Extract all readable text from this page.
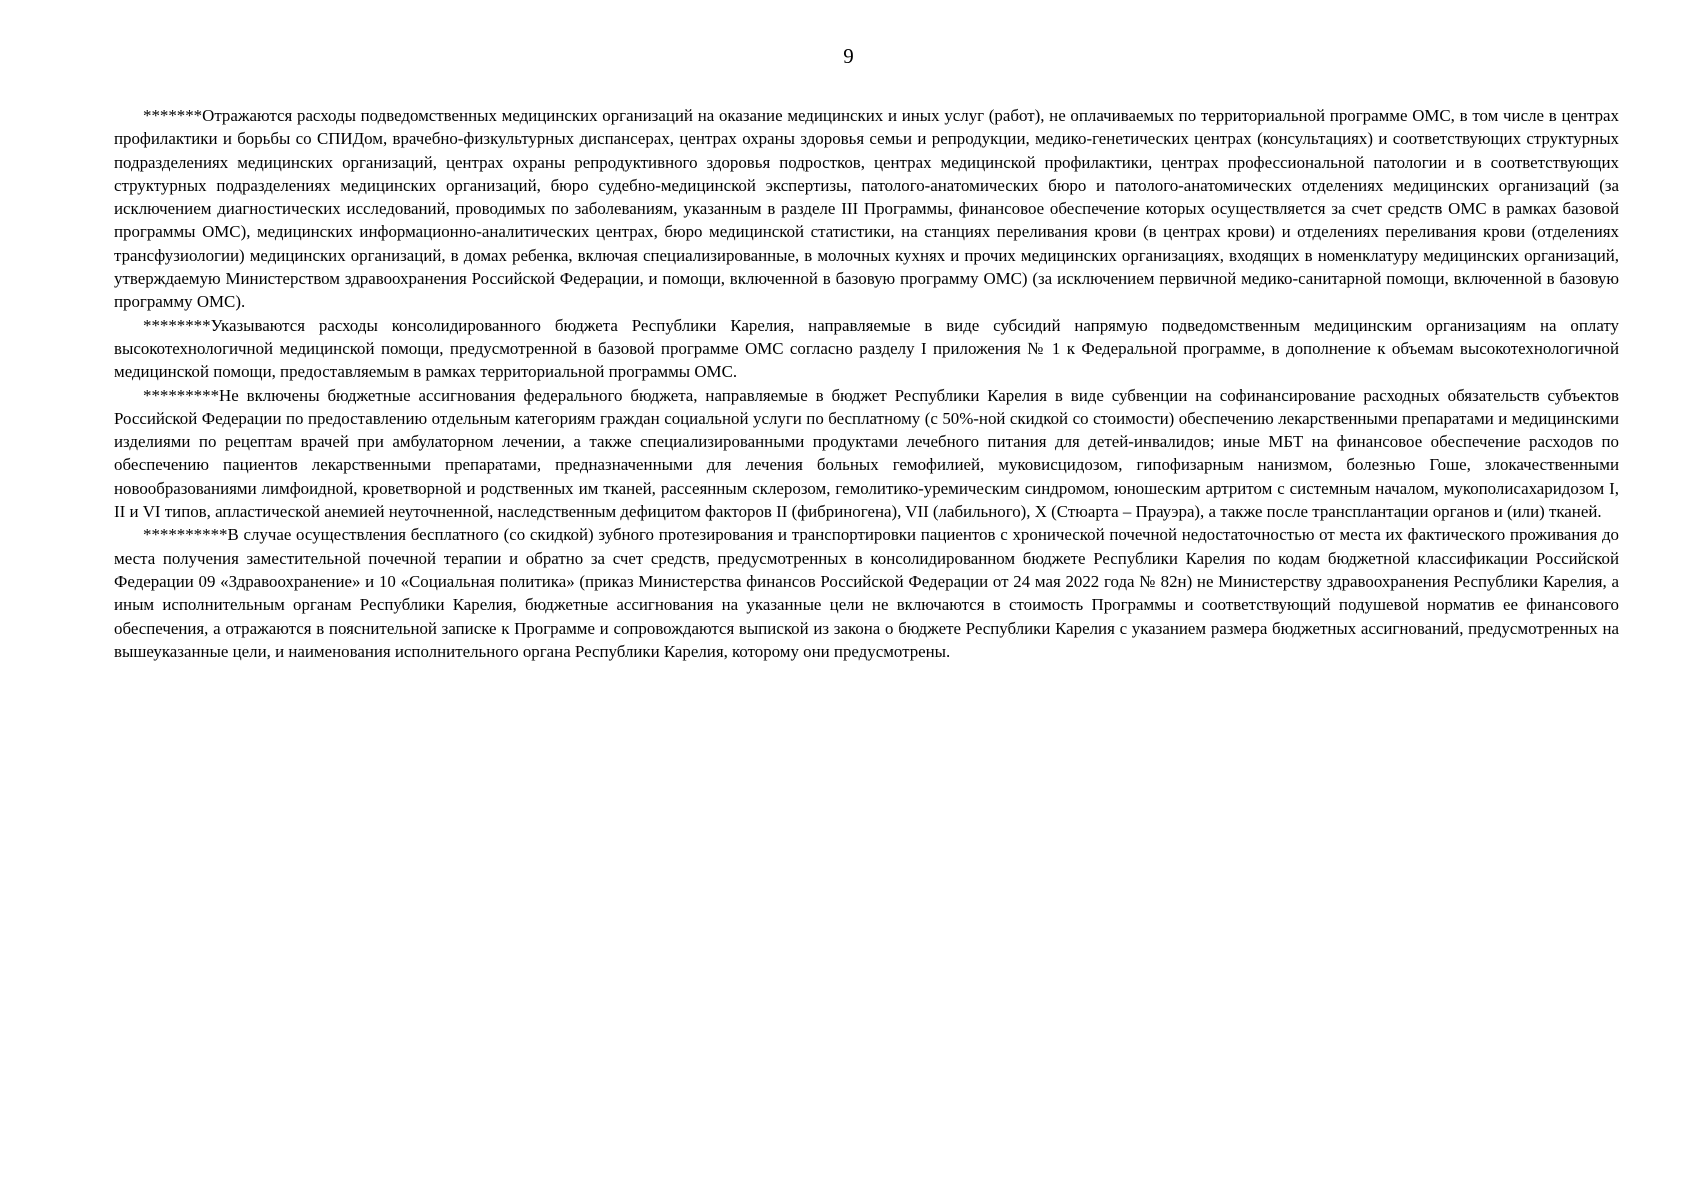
9

*******Отражаются расходы подведомственных медицинских организаций на оказание медицинских и иных услуг (работ), не оплачиваемых по территориальной программе ОМС, в том числе в центрах профилактики и борьбы со СПИДом, врачебно-физкультурных диспансерах, центрах охраны здоровья семьи и репродукции, медико-генетических центрах (консультациях) и соответствующих структурных подразделениях медицинских организаций, центрах охраны репродуктивного здоровья подростков, центрах медицинской профилактики, центрах профессиональной патологии и в соответствующих структурных подразделениях медицинских организаций, бюро судебно-медицинской экспертизы, патолого-анатомических бюро и патолого-анатомических отделениях медицинских организаций (за исключением диагностических исследований, проводимых по заболеваниям, указанным в разделе III Программы, финансовое обеспечение которых осуществляется за счет средств ОМС в рамках базовой программы ОМС), медицинских информационно-аналитических центрах, бюро медицинской статистики, на станциях переливания крови (в центрах крови) и отделениях переливания крови (отделениях трансфузиологии) медицинских организаций, в домах ребенка, включая специализированные, в молочных кухнях и прочих медицинских организациях, входящих в номенклатуру медицинских организаций, утверждаемую Министерством здравоохранения Российской Федерации, и помощи, включенной в базовую программу ОМС) (за исключением первичной медико-санитарной помощи, включенной в базовую программу ОМС).

********Указываются расходы консолидированного бюджета Республики Карелия, направляемые в виде субсидий напрямую подведомственным медицинским организациям на оплату высокотехнологичной медицинской помощи, предусмотренной в базовой программе ОМС согласно разделу I приложения № 1 к Федеральной программе, в дополнение к объемам высокотехнологичной медицинской помощи, предоставляемым в рамках территориальной программы ОМС.

*********Не включены бюджетные ассигнования федерального бюджета, направляемые в бюджет Республики Карелия в виде субвенции на софинансирование расходных обязательств субъектов Российской Федерации по предоставлению отдельным категориям граждан социальной услуги по бесплатному (с 50%-ной скидкой со стоимости) обеспечению лекарственными препаратами и медицинскими изделиями по рецептам врачей при амбулаторном лечении, а также специализированными продуктами лечебного питания для детей-инвалидов; иные МБТ на финансовое обеспечение расходов по обеспечению пациентов лекарственными препаратами, предназначенными для лечения больных гемофилией, муковисцидозом, гипофизарным нанизмом, болезнью Гоше, злокачественными новообразованиями лимфоидной, кроветворной и родственных им тканей, рассеянным склерозом, гемолитико-уремическим синдромом, юношеским артритом с системным началом, мукополисахаридозом I, II и VI типов, апластической анемией неуточненной, наследственным дефицитом факторов II (фибриногена), VII (лабильного), X (Стюарта – Прауэра), а также после трансплантации органов и (или) тканей.

**********В случае осуществления бесплатного (со скидкой) зубного протезирования и транспортировки пациентов с хронической почечной недостаточностью от места их фактического проживания до места получения заместительной почечной терапии и обратно за счет средств, предусмотренных в консолидированном бюджете Республики Карелия по кодам бюджетной классификации Российской Федерации 09 «Здравоохранение» и 10 «Социальная политика» (приказ Министерства финансов Российской Федерации от 24 мая 2022 года № 82н) не Министерству здравоохранения Республики Карелия, а иным исполнительным органам Республики Карелия, бюджетные ассигнования на указанные цели не включаются в стоимость Программы и соответствующий подушевой норматив ее финансового обеспечения, а отражаются в пояснительной записке к Программе и сопровождаются выпиской из закона о бюджете Республики Карелия с указанием размера бюджетных ассигнований, предусмотренных на вышеуказанные цели, и наименования исполнительного органа Республики Карелия, которому они предусмотрены.
